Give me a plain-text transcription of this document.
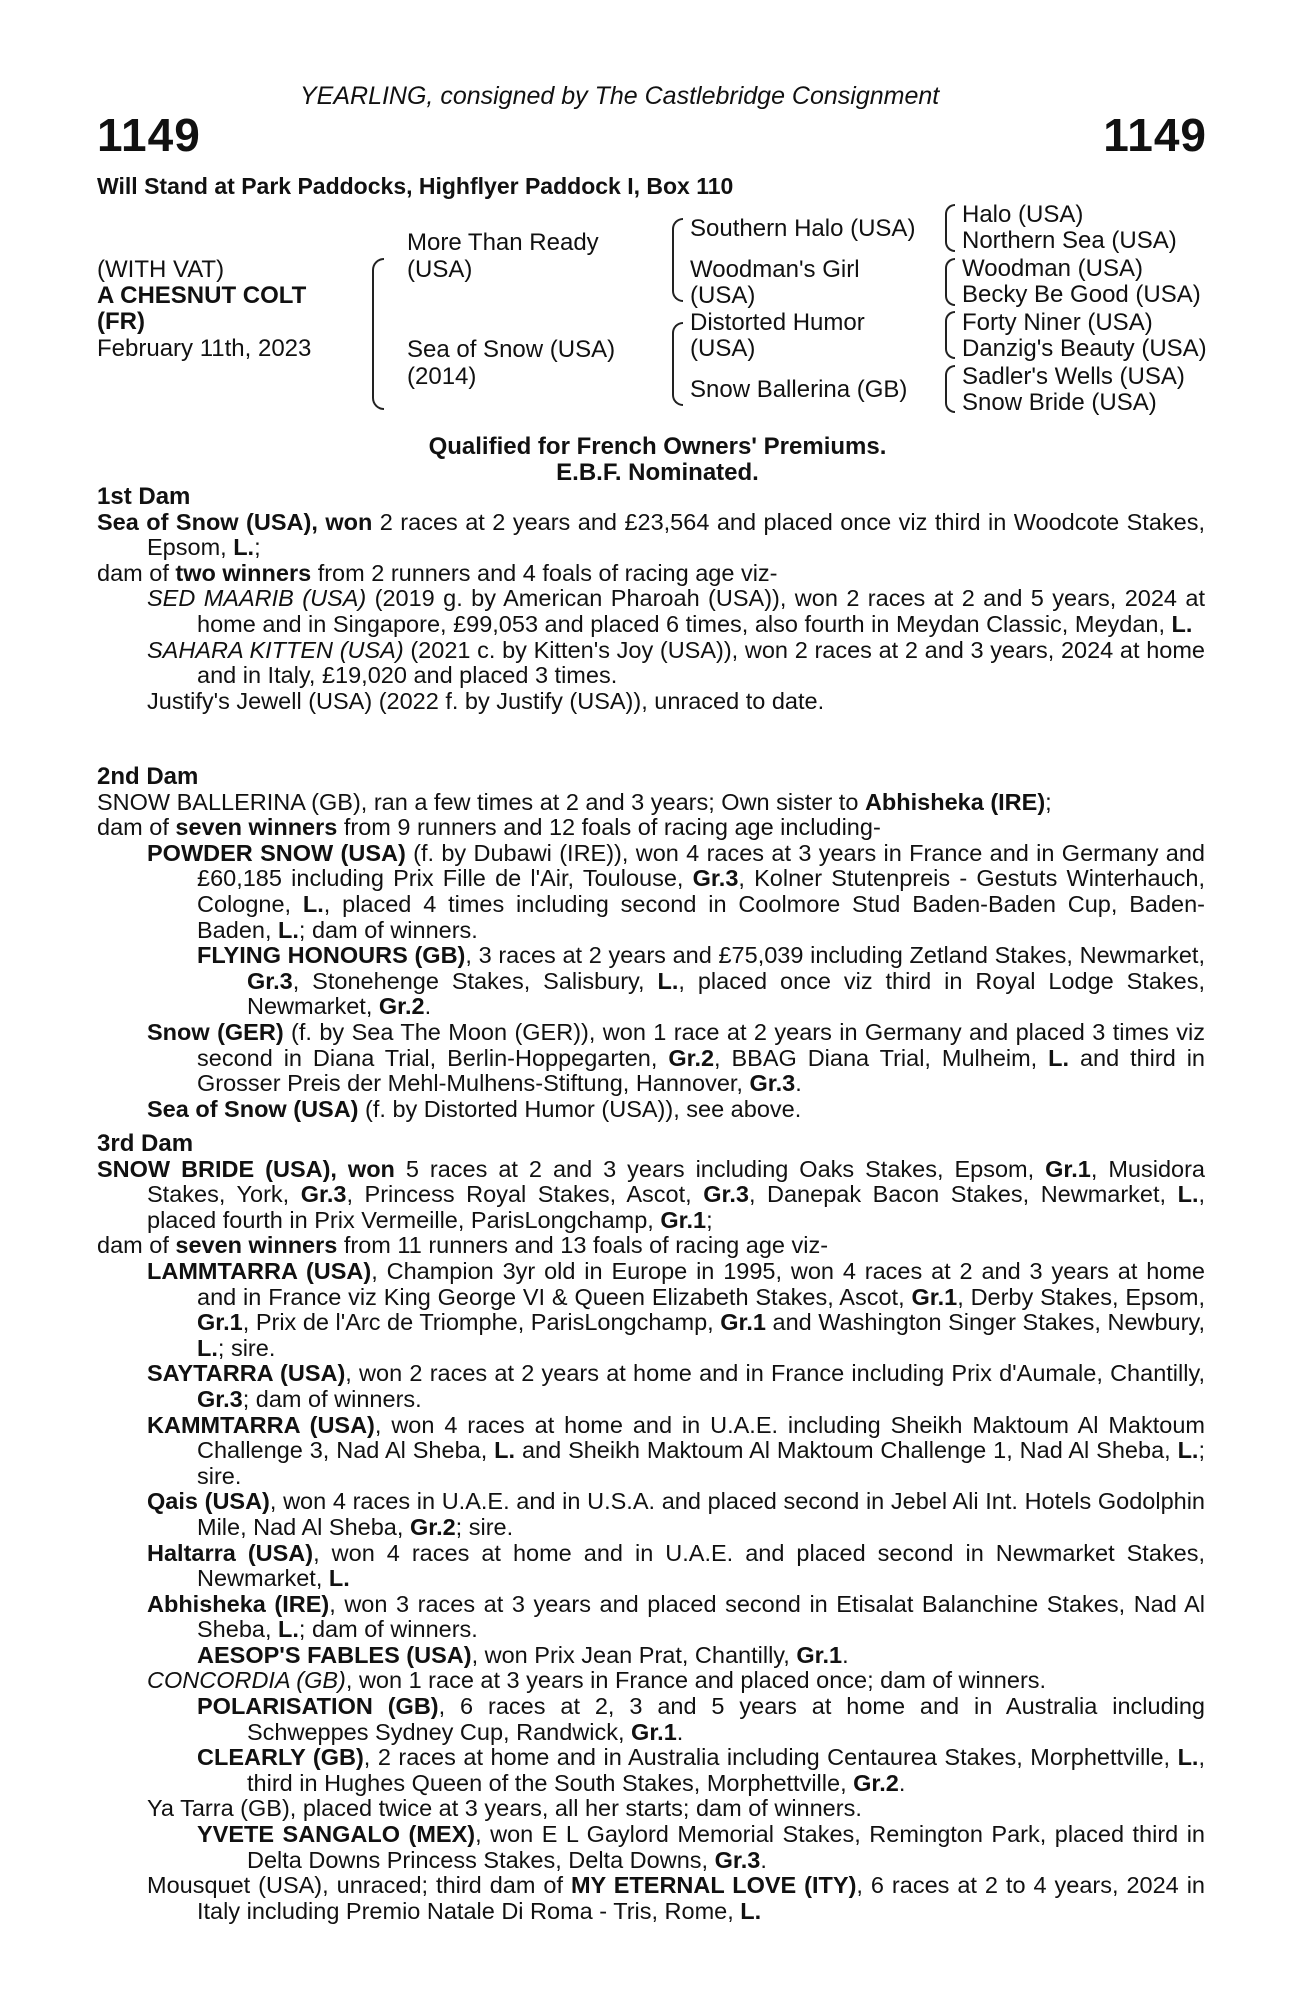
YEARLING, consigned by The Castlebridge Consignment
1149	1149
Will Stand at Park Paddocks, Highflyer Paddock I, Box 110
(WITH VAT)
A CHESNUT COLT
(FR)
February 11th, 2023
More Than Ready
(USA)
Sea of Snow (USA)
(2014)
Southern Halo (USA)
Woodman's Girl
(USA)
Distorted Humor
(USA)
Snow Ballerina (GB)
Halo (USA)
Northern Sea (USA)
Woodman (USA)
Becky Be Good (USA)
Forty Niner (USA)
Danzig's Beauty (USA)
Sadler's Wells (USA)
Snow Bride (USA)
Qualified for French Owners' Premiums.
E.B.F. Nominated.
1st Dam

Sea of Snow (USA), won 2 races at 2 years and £23,564 and placed once viz third in Woodcote Stakes, Epsom, L.;

dam of two winners from 2 runners and 4 foals of racing age viz-

SED MAARIB (USA) (2019 g. by American Pharoah (USA)), won 2 races at 2 and 5 years, 2024 at home and in Singapore, £99,053 and placed 6 times, also fourth in Meydan Classic, Meydan, L.

SAHARA KITTEN (USA) (2021 c. by Kitten's Joy (USA)), won 2 races at 2 and 3 years, 2024 at home and in Italy, £19,020 and placed 3 times.

Justify's Jewell (USA) (2022 f. by Justify (USA)), unraced to date.

2nd Dam

SNOW BALLERINA (GB), ran a few times at 2 and 3 years; Own sister to Abhisheka (IRE);

dam of seven winners from 9 runners and 12 foals of racing age including-

POWDER SNOW (USA) (f. by Dubawi (IRE)), won 4 races at 3 years in France and in Germany and £60,185 including Prix Fille de l'Air, Toulouse, Gr.3, Kolner Stutenpreis - Gestuts Winterhauch, Cologne, L., placed 4 times including second in Coolmore Stud Baden-Baden Cup, Baden-Baden, L.; dam of winners.

FLYING HONOURS (GB), 3 races at 2 years and £75,039 including Zetland Stakes, Newmarket, Gr.3, Stonehenge Stakes, Salisbury, L., placed once viz third in Royal Lodge Stakes, Newmarket, Gr.2.

Snow (GER) (f. by Sea The Moon (GER)), won 1 race at 2 years in Germany and placed 3 times viz second in Diana Trial, Berlin-Hoppegarten, Gr.2, BBAG Diana Trial, Mulheim, L. and third in Grosser Preis der Mehl-Mulhens-Stiftung, Hannover, Gr.3.

Sea of Snow (USA) (f. by Distorted Humor (USA)), see above.

3rd Dam

SNOW BRIDE (USA), won 5 races at 2 and 3 years including Oaks Stakes, Epsom, Gr.1, Musidora Stakes, York, Gr.3, Princess Royal Stakes, Ascot, Gr.3, Danepak Bacon Stakes, Newmarket, L., placed fourth in Prix Vermeille, ParisLongchamp, Gr.1;

dam of seven winners from 11 runners and 13 foals of racing age viz-

LAMMTARRA (USA), Champion 3yr old in Europe in 1995, won 4 races at 2 and 3 years at home and in France viz King George VI & Queen Elizabeth Stakes, Ascot, Gr.1, Derby Stakes, Epsom, Gr.1, Prix de l'Arc de Triomphe, ParisLongchamp, Gr.1 and Washington Singer Stakes, Newbury, L.; sire.

SAYTARRA (USA), won 2 races at 2 years at home and in France including Prix d'Aumale, Chantilly, Gr.3; dam of winners.

KAMMTARRA (USA), won 4 races at home and in U.A.E. including Sheikh Maktoum Al Maktoum Challenge 3, Nad Al Sheba, L. and Sheikh Maktoum Al Maktoum Challenge 1, Nad Al Sheba, L.; sire.

Qais (USA), won 4 races in U.A.E. and in U.S.A. and placed second in Jebel Ali Int. Hotels Godolphin Mile, Nad Al Sheba, Gr.2; sire.

Haltarra (USA), won 4 races at home and in U.A.E. and placed second in Newmarket Stakes, Newmarket, L.

Abhisheka (IRE), won 3 races at 3 years and placed second in Etisalat Balanchine Stakes, Nad Al Sheba, L.; dam of winners.

AESOP'S FABLES (USA), won Prix Jean Prat, Chantilly, Gr.1.

CONCORDIA (GB), won 1 race at 3 years in France and placed once; dam of winners.

POLARISATION (GB), 6 races at 2, 3 and 5 years at home and in Australia including Schweppes Sydney Cup, Randwick, Gr.1.

CLEARLY (GB), 2 races at home and in Australia including Centaurea Stakes, Morphettville, L., third in Hughes Queen of the South Stakes, Morphettville, Gr.2.

Ya Tarra (GB), placed twice at 3 years, all her starts; dam of winners.

YVETE SANGALO (MEX), won E L Gaylord Memorial Stakes, Remington Park, placed third in Delta Downs Princess Stakes, Delta Downs, Gr.3.

Mousquet (USA), unraced; third dam of MY ETERNAL LOVE (ITY), 6 races at 2 to 4 years, 2024 in Italy including Premio Natale Di Roma - Tris, Rome, L.
